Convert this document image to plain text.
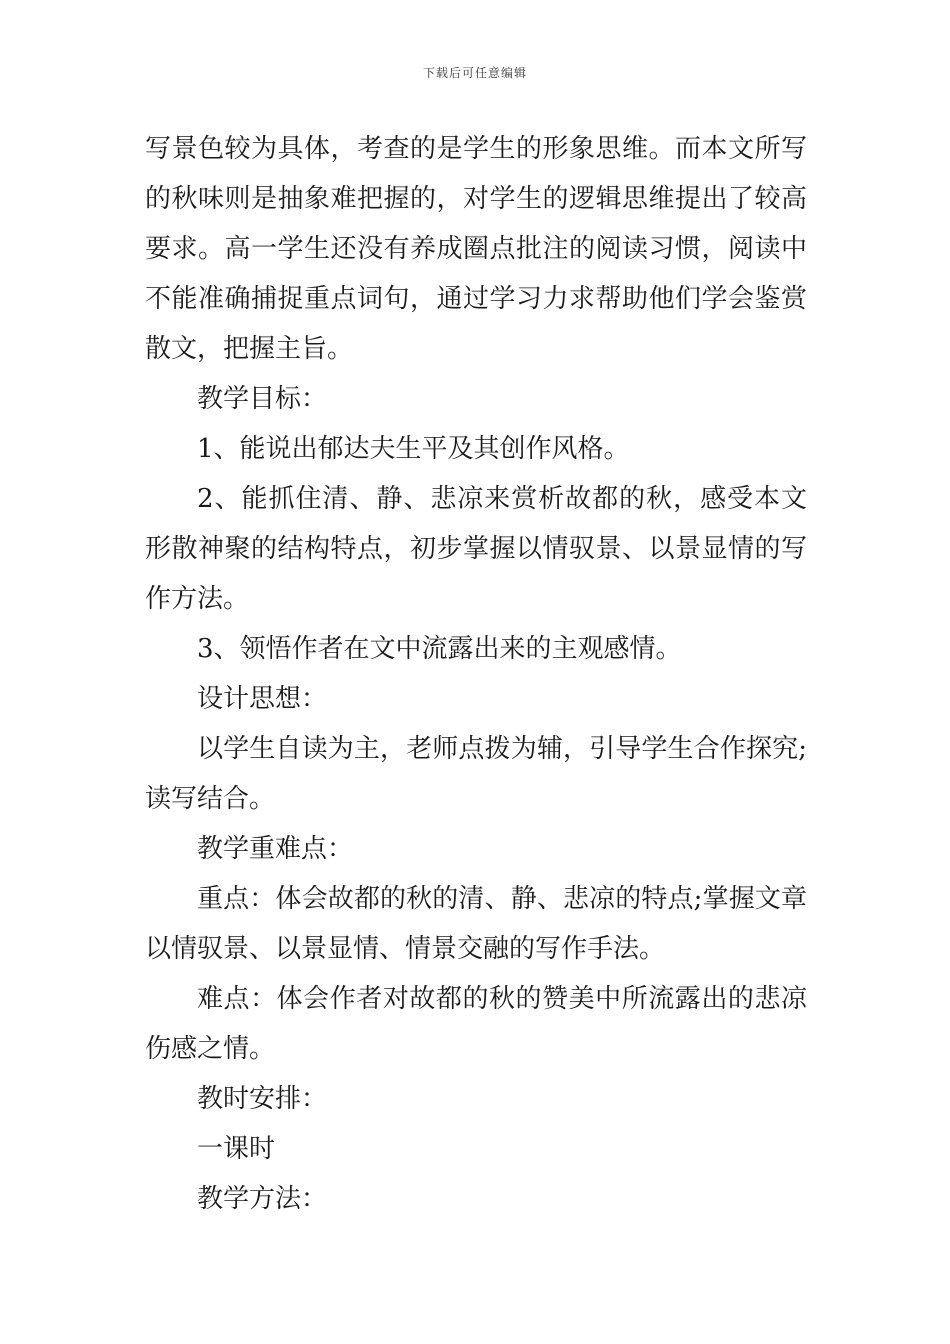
下载后可任意编辑

写景色较为具体，考查的是学生的形象思维。而本文所写的秋味则是抽象难把握的，对学生的逻辑思维提出了较高要求。高一学生还没有养成圈点批注的阅读习惯，阅读中不能准确捕捉重点词句，通过学习力求帮助他们学会鉴赏散文，把握主旨。

教学目标：

1、能说出郁达夫生平及其创作风格。

2、能抓住清、静、悲凉来赏析故都的秋，感受本文形散神聚的结构特点，初步掌握以情驭景、以景显情的写作方法。

3、领悟作者在文中流露出来的主观感情。

设计思想：

以学生自读为主，老师点拨为辅，引导学生合作探究;读写结合。

教学重难点：

重点：体会故都的秋的清、静、悲凉的特点;掌握文章以情驭景、以景显情、情景交融的写作手法。

难点：体会作者对故都的秋的赞美中所流露出的悲凉伤感之情。

教时安排：

一课时

教学方法：
